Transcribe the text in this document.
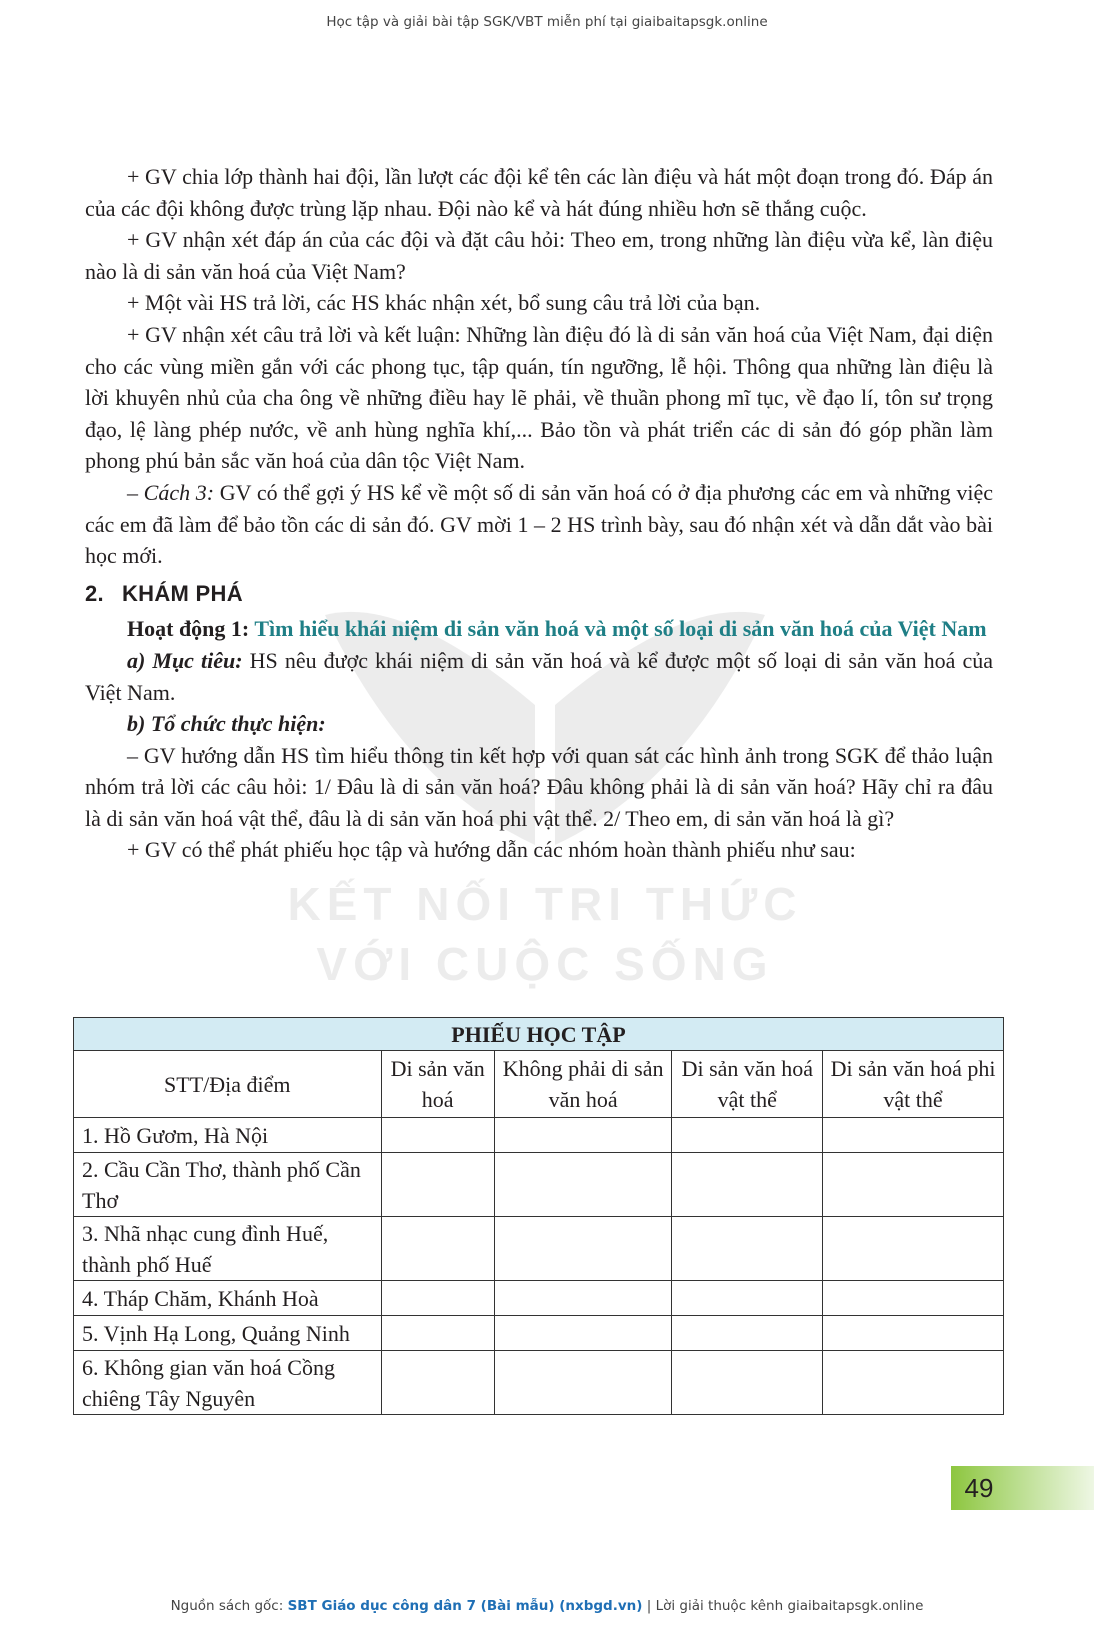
Học tập và giải bài tập SGK/VBT miễn phí tại giaibaitapsgk.online
KẾT NỐI TRI THỨC
VỚI CUỘC SỐNG

+ GV chia lớp thành hai đội, lần lượt các đội kể tên các làn điệu và hát một đoạn trong đó. Đáp án của các đội không được trùng lặp nhau. Đội nào kể và hát đúng nhiều hơn sẽ thắng cuộc.

+ GV nhận xét đáp án của các đội và đặt câu hỏi: Theo em, trong những làn điệu vừa kể, làn điệu nào là di sản văn hoá của Việt Nam?

+ Một vài HS trả lời, các HS khác nhận xét, bổ sung câu trả lời của bạn.

+ GV nhận xét câu trả lời và kết luận: Những làn điệu đó là di sản văn hoá của Việt Nam, đại diện cho các vùng miền gắn với các phong tục, tập quán, tín ngưỡng, lễ hội. Thông qua những làn điệu là lời khuyên nhủ của cha ông về những điều hay lẽ phải, về thuần phong mĩ tục, về đạo lí, tôn sư trọng đạo, lệ làng phép nước, về anh hùng nghĩa khí,... Bảo tồn và phát triển các di sản đó góp phần làm phong phú bản sắc văn hoá của dân tộc Việt Nam.

– Cách 3: GV có thể gợi ý HS kể về một số di sản văn hoá có ở địa phương các em và những việc các em đã làm để bảo tồn các di sản đó. GV mời 1 – 2 HS trình bày, sau đó nhận xét và dẫn dắt vào bài học mới.

2. KHÁM PHÁ

Hoạt động 1: Tìm hiểu khái niệm di sản văn hoá và một số loại di sản văn hoá của Việt Nam

a) Mục tiêu: HS nêu được khái niệm di sản văn hoá và kể được một số loại di sản văn hoá của Việt Nam.

b) Tổ chức thực hiện:

– GV hướng dẫn HS tìm hiểu thông tin kết hợp với quan sát các hình ảnh trong SGK để thảo luận nhóm trả lời các câu hỏi: 1/ Đâu là di sản văn hoá? Đâu không phải là di sản văn hoá? Hãy chỉ ra đâu là di sản văn hoá vật thể, đâu là di sản văn hoá phi vật thể. 2/ Theo em, di sản văn hoá là gì?

+ GV có thể phát phiếu học tập và hướng dẫn các nhóm hoàn thành phiếu như sau:

PHIẾU HỌC TẬP				
STT/Địa điểm	Di sản văn hoá	Không phải di sản văn hoá	Di sản văn hoá vật thể	Di sản văn hoá phi vật thể
1. Hồ Gươm, Hà Nội				
2. Cầu Cần Thơ, thành phố Cần Thơ				
3. Nhã nhạc cung đình Huế, thành phố Huế				
4. Tháp Chăm, Khánh Hoà				
5. Vịnh Hạ Long, Quảng Ninh				
6. Không gian văn hoá Cồng chiêng Tây Nguyên				
49
Nguồn sách gốc: SBT Giáo dục công dân 7 (Bài mẫu) (nxbgd.vn) | Lời giải thuộc kênh giaibaitapsgk.online
